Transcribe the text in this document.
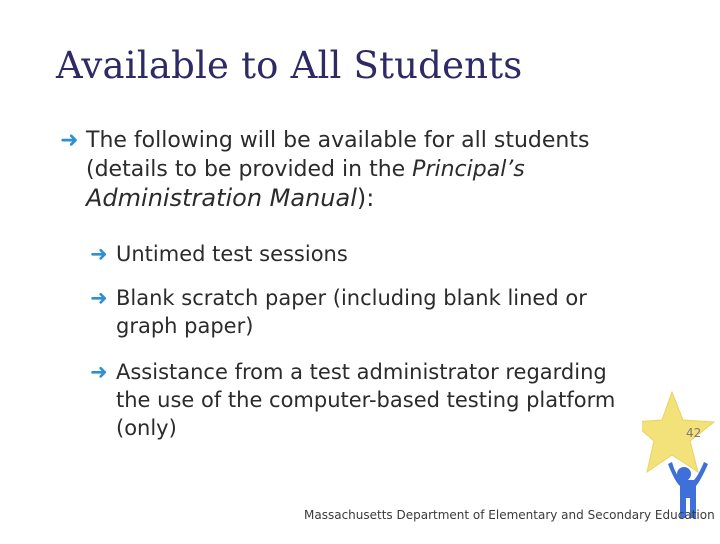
Available to All Students
➜ The following will be available for all students
(details to be provided in the Principal’s
Administration Manual):
➜ Untimed test sessions
➜ Blank scratch paper (including blank lined or
graph paper)
➜ Assistance from a test administrator regarding
the use of the computer-based testing platform
(only)	42
Massachusetts Department of Elementary and Secondary Education
